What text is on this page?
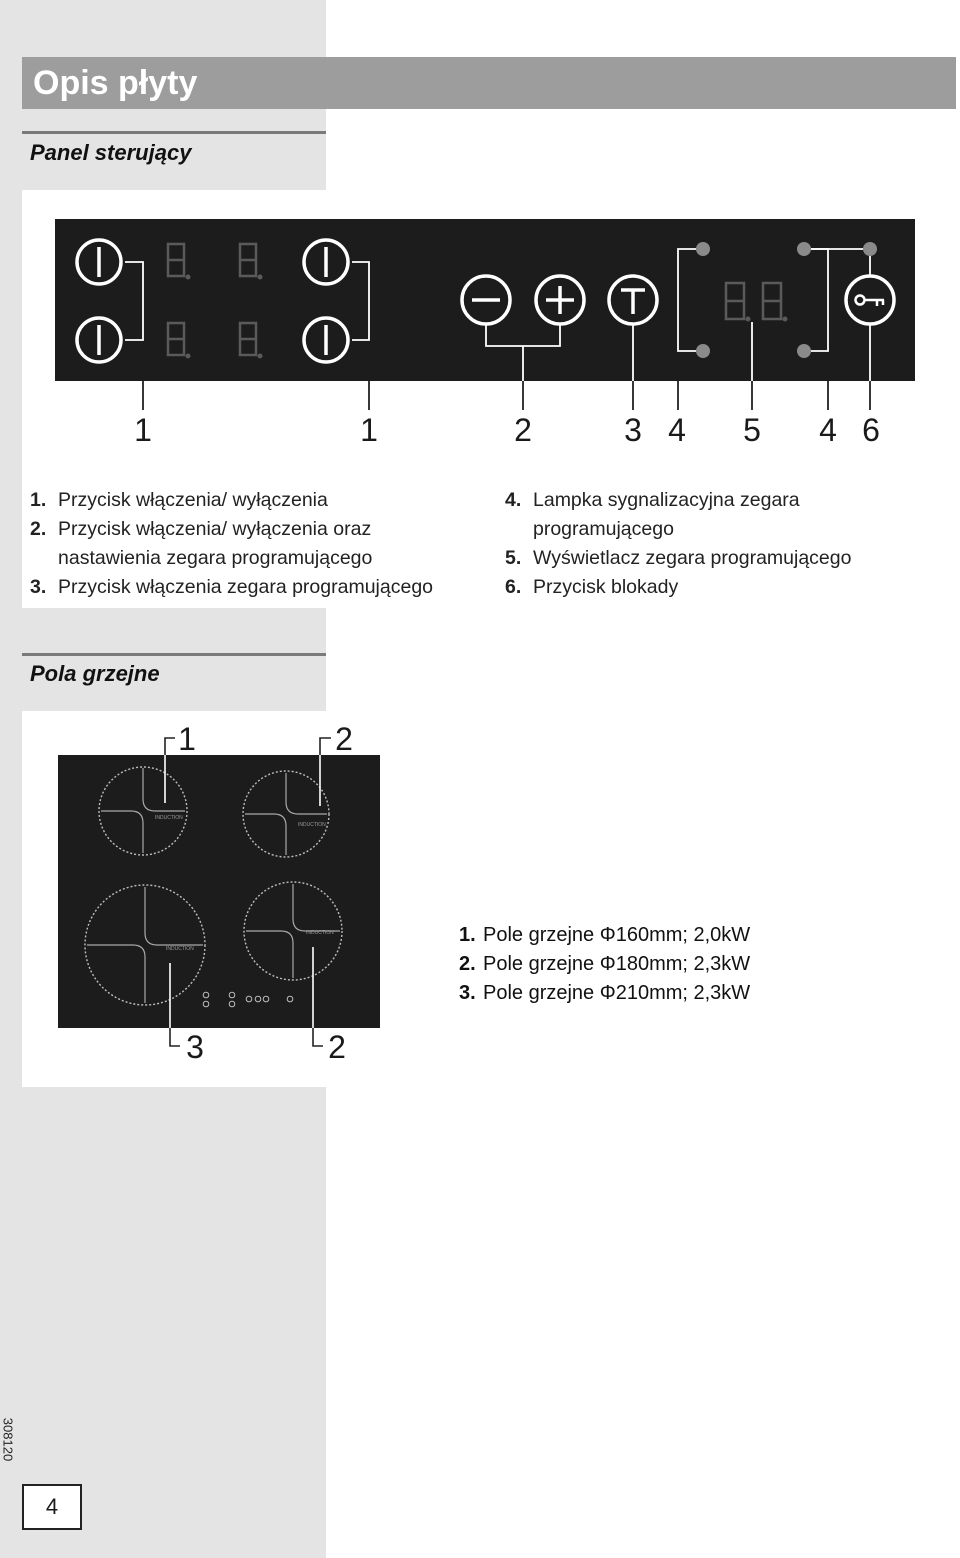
Opis płyty
Panel sterujący
1	1	2	3 4 5 4 6
1. Przycisk włączenia/ wyłączenia
2. Przycisk włączenia/ wyłączenia oraz
nastawienia zegara programującego
3. Przycisk włączenia zegara programującego
4. Lampka sygnalizacyjna zegara
programującego
5. Wyświetlacz zegara programującego
6. Przycisk blokady
Pola grzejne
INDUCTION
INDUCTION
INDUCTION
INDUCTION
1	2
3	2
1. Pole grzejne Φ160mm; 2,0kW
2. Pole grzejne Φ180mm; 2,3kW
3. Pole grzejne Φ210mm; 2,3kW
308120
4
